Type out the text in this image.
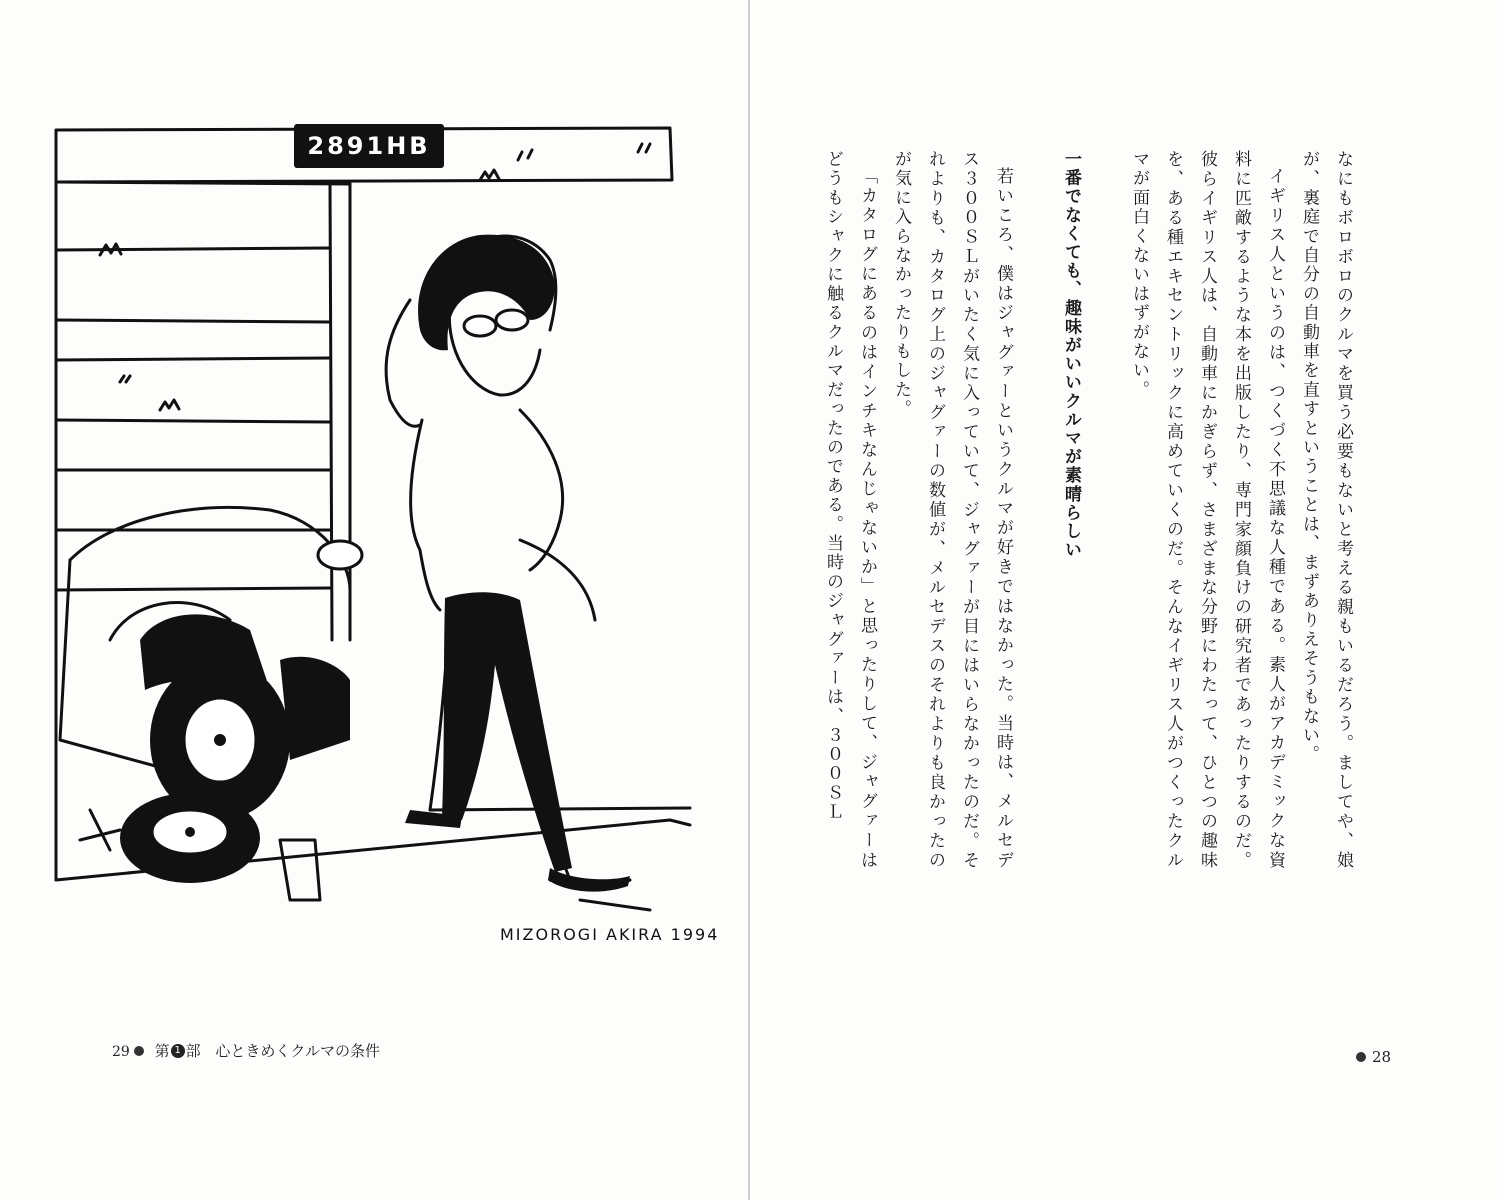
2891HB
MIZOROGI AKIRA 1994
29 第 1 部 心ときめくクルマの条件

なにもボロボロのクルマを買う必要もないと考える親もいるだろう。ましてや、娘が、裏庭で自分の自動車を直すということは、まずありえそうもない。

イギリス人というのは、つくづく不思議な人種である。素人がアカデミックな資料に匹敵するような本を出版したり、専門家顔負けの研究者であったりするのだ。彼らイギリス人は、自動車にかぎらず、さまざまな分野にわたって、ひとつの趣味を、ある種エキセントリックに高めていくのだ。そんなイギリス人がつくったクルマが面白くないはずがない。

一番でなくても、趣味がいいクルマが素晴らしい

若いころ、僕はジャグァーというクルマが好きではなかった。当時は、メルセデス３００ＳＬがいたく気に入っていて、ジャグァーが目にはいらなかったのだ。それよりも、カタログ上のジャグァーの数値が、メルセデスのそれよりも良かったのが気に入らなかったりもした。

「カタログにあるのはインチキなんじゃないか」と思ったりして、ジャグァーはどうもシャクに触るクルマだったのである。当時のジャグァーは、３００ＳＬ

28
